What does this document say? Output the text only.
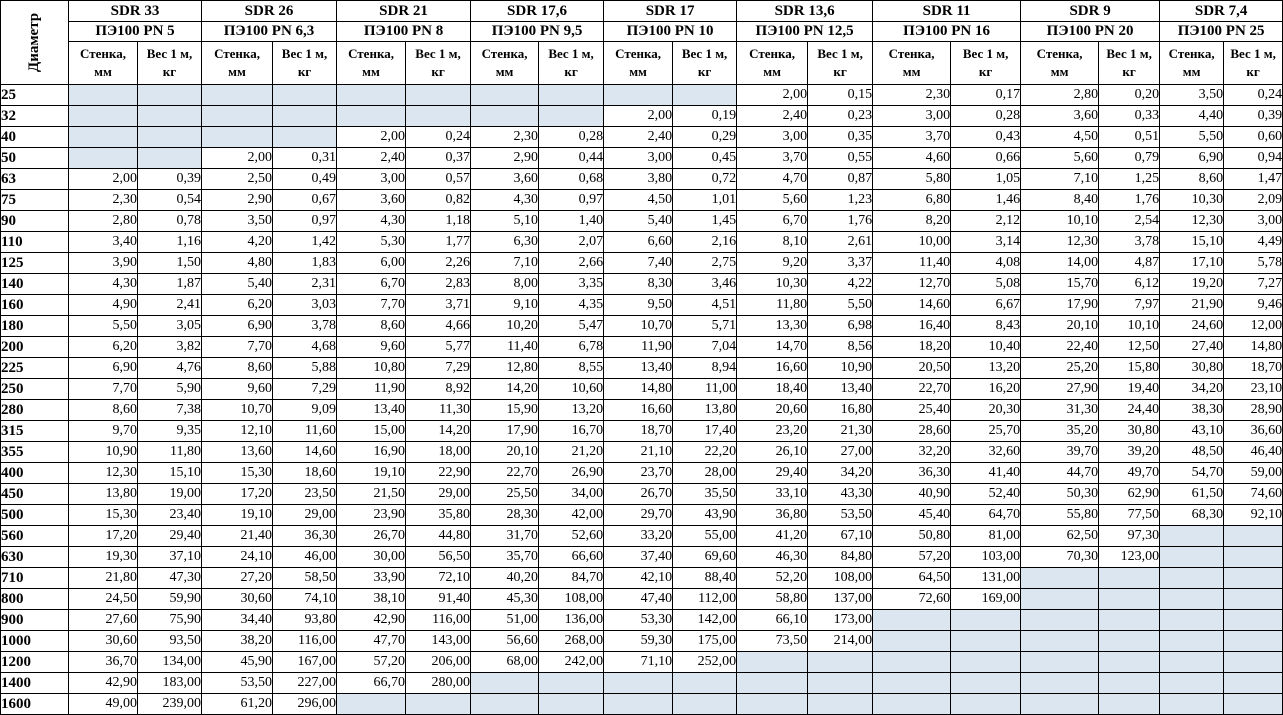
Диаметр	SDR 33		SDR 26		SDR 21		SDR 17,6		SDR 17		SDR 13,6		SDR 11		SDR 9		SDR 7,4	
	ПЭ100 PN 5		ПЭ100 PN 6,3		ПЭ100 PN 8		ПЭ100 PN 9,5		ПЭ100 PN 10		ПЭ100 PN 12,5		ПЭ100 PN 16		ПЭ100 PN 20		ПЭ100 PN 25	

	Стенка,
мм	Вес 1 м,
кг	Стенка,
мм	Вес 1 м,
кг	Стенка,
мм	Вес 1 м,
кг	Стенка,
мм	Вес 1 м,
кг	Стенка,
мм	Вес 1 м,
кг	Стенка,
мм	Вес 1 м,
кг	Стенка,
мм	Вес 1 м,
кг	Стенка,
мм	Вес 1 м,
кг	Стенка,
мм	Вес 1 м,
кг

25											2,00	0,15	2,30	0,17	2,80	0,20	3,50	0,24
32									2,00	0,19	2,40	0,23	3,00	0,28	3,60	0,33	4,40	0,39
40					2,00	0,24	2,30	0,28	2,40	0,29	3,00	0,35	3,70	0,43	4,50	0,51	5,50	0,60
50			2,00	0,31	2,40	0,37	2,90	0,44	3,00	0,45	3,70	0,55	4,60	0,66	5,60	0,79	6,90	0,94
63	2,00	0,39	2,50	0,49	3,00	0,57	3,60	0,68	3,80	0,72	4,70	0,87	5,80	1,05	7,10	1,25	8,60	1,47
75	2,30	0,54	2,90	0,67	3,60	0,82	4,30	0,97	4,50	1,01	5,60	1,23	6,80	1,46	8,40	1,76	10,30	2,09
90	2,80	0,78	3,50	0,97	4,30	1,18	5,10	1,40	5,40	1,45	6,70	1,76	8,20	2,12	10,10	2,54	12,30	3,00
110	3,40	1,16	4,20	1,42	5,30	1,77	6,30	2,07	6,60	2,16	8,10	2,61	10,00	3,14	12,30	3,78	15,10	4,49
125	3,90	1,50	4,80	1,83	6,00	2,26	7,10	2,66	7,40	2,75	9,20	3,37	11,40	4,08	14,00	4,87	17,10	5,78
140	4,30	1,87	5,40	2,31	6,70	2,83	8,00	3,35	8,30	3,46	10,30	4,22	12,70	5,08	15,70	6,12	19,20	7,27
160	4,90	2,41	6,20	3,03	7,70	3,71	9,10	4,35	9,50	4,51	11,80	5,50	14,60	6,67	17,90	7,97	21,90	9,46
180	5,50	3,05	6,90	3,78	8,60	4,66	10,20	5,47	10,70	5,71	13,30	6,98	16,40	8,43	20,10	10,10	24,60	12,00
200	6,20	3,82	7,70	4,68	9,60	5,77	11,40	6,78	11,90	7,04	14,70	8,56	18,20	10,40	22,40	12,50	27,40	14,80
225	6,90	4,76	8,60	5,88	10,80	7,29	12,80	8,55	13,40	8,94	16,60	10,90	20,50	13,20	25,20	15,80	30,80	18,70
250	7,70	5,90	9,60	7,29	11,90	8,92	14,20	10,60	14,80	11,00	18,40	13,40	22,70	16,20	27,90	19,40	34,20	23,10
280	8,60	7,38	10,70	9,09	13,40	11,30	15,90	13,20	16,60	13,80	20,60	16,80	25,40	20,30	31,30	24,40	38,30	28,90
315	9,70	9,35	12,10	11,60	15,00	14,20	17,90	16,70	18,70	17,40	23,20	21,30	28,60	25,70	35,20	30,80	43,10	36,60
355	10,90	11,80	13,60	14,60	16,90	18,00	20,10	21,20	21,10	22,20	26,10	27,00	32,20	32,60	39,70	39,20	48,50	46,40
400	12,30	15,10	15,30	18,60	19,10	22,90	22,70	26,90	23,70	28,00	29,40	34,20	36,30	41,40	44,70	49,70	54,70	59,00
450	13,80	19,00	17,20	23,50	21,50	29,00	25,50	34,00	26,70	35,50	33,10	43,30	40,90	52,40	50,30	62,90	61,50	74,60
500	15,30	23,40	19,10	29,00	23,90	35,80	28,30	42,00	29,70	43,90	36,80	53,50	45,40	64,70	55,80	77,50	68,30	92,10
560	17,20	29,40	21,40	36,30	26,70	44,80	31,70	52,60	33,20	55,00	41,20	67,10	50,80	81,00	62,50	97,30		
630	19,30	37,10	24,10	46,00	30,00	56,50	35,70	66,60	37,40	69,60	46,30	84,80	57,20	103,00	70,30	123,00		
710	21,80	47,30	27,20	58,50	33,90	72,10	40,20	84,70	42,10	88,40	52,20	108,00	64,50	131,00				
800	24,50	59,90	30,60	74,10	38,10	91,40	45,30	108,00	47,40	112,00	58,80	137,00	72,60	169,00				
900	27,60	75,90	34,40	93,80	42,90	116,00	51,00	136,00	53,30	142,00	66,10	173,00						
1000	30,60	93,50	38,20	116,00	47,70	143,00	56,60	268,00	59,30	175,00	73,50	214,00						
1200	36,70	134,00	45,90	167,00	57,20	206,00	68,00	242,00	71,10	252,00								
1400	42,90	183,00	53,50	227,00	66,70	280,00												
1600	49,00	239,00	61,20	296,00														
